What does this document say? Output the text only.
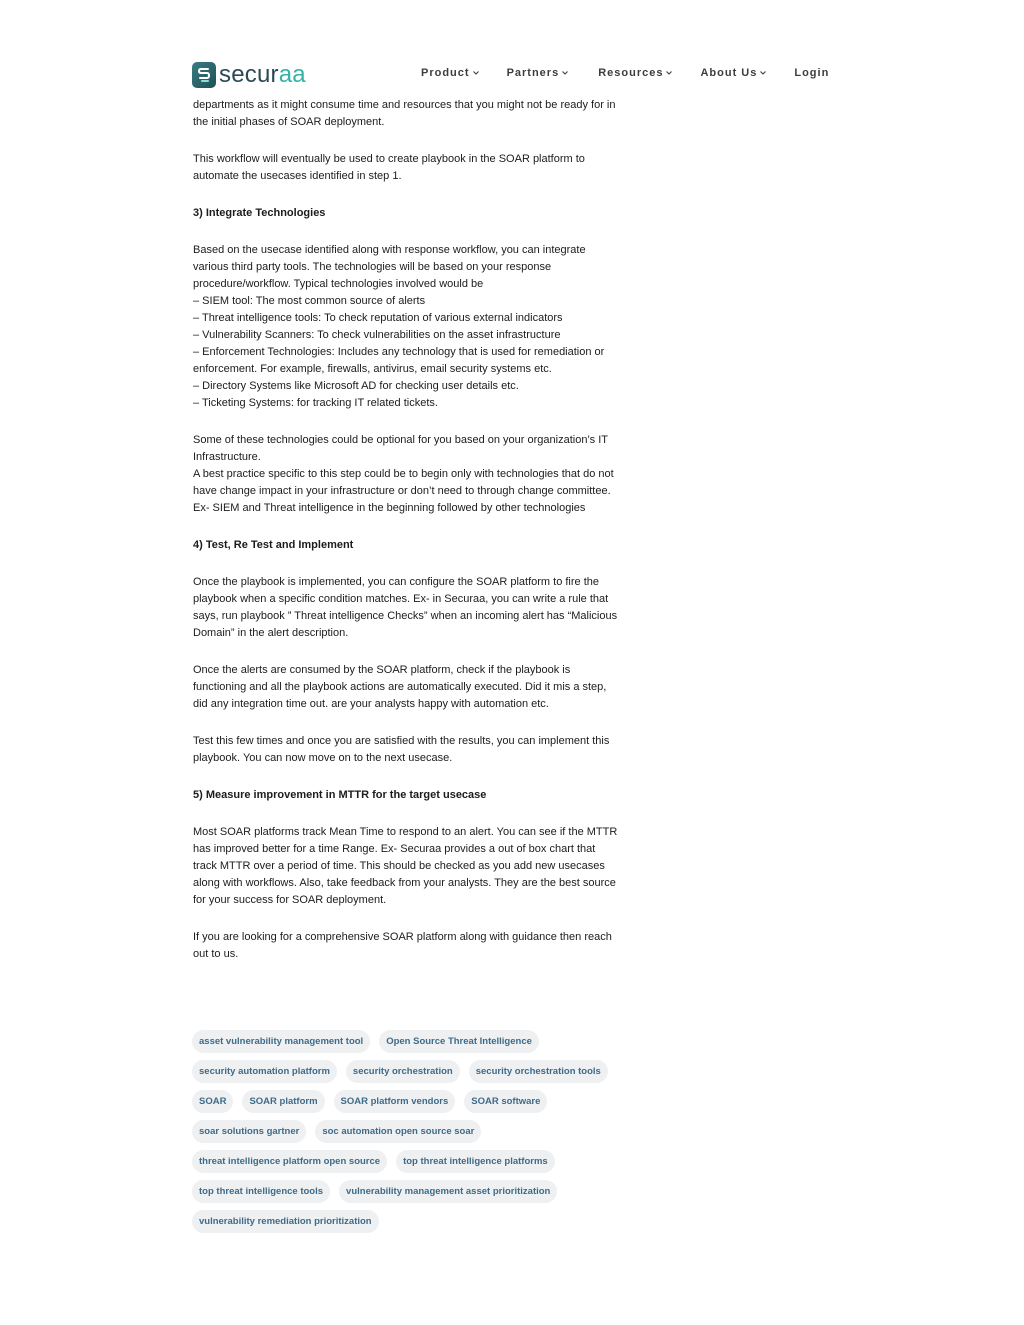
securaa	Product	Partners	Resources	About Us	Login

departments as it might consume time and resources that you might not be ready for in the initial phases of SOAR deployment.

This workflow will eventually be used to create playbook in the SOAR platform to automate the usecases identified in step 1.

3) Integrate Technologies

Based on the usecase identified along with response workflow, you can integrate various third party tools. The technologies will be based on your response procedure/workflow. Typical technologies involved would be
– SIEM tool: The most common source of alerts
– Threat intelligence tools: To check reputation of various external indicators
– Vulnerability Scanners: To check vulnerabilities on the asset infrastructure
– Enforcement Technologies: Includes any technology that is used for remediation or enforcement. For example, firewalls, antivirus, email security systems etc.
– Directory Systems like Microsoft AD for checking user details etc.
– Ticketing Systems: for tracking IT related tickets.

Some of these technologies could be optional for you based on your organization’s IT Infrastructure.
A best practice specific to this step could be to begin only with technologies that do not have change impact in your infrastructure or don’t need to through change committee. Ex- SIEM and Threat intelligence in the beginning followed by other technologies

4) Test, Re Test and Implement

Once the playbook is implemented, you can configure the SOAR platform to fire the playbook when a specific condition matches. Ex- in Securaa, you can write a rule that says, run playbook ” Threat intelligence Checks” when an incoming alert has “Malicious Domain” in the alert description.

Once the alerts are consumed by the SOAR platform, check if the playbook is functioning and all the playbook actions are automatically executed. Did it mis a step, did any integration time out. are your analysts happy with automation etc.

Test this few times and once you are satisfied with the results, you can implement this playbook. You can now move on to the next usecase.

5) Measure improvement in MTTR for the target usecase

Most SOAR platforms track Mean Time to respond to an alert. You can see if the MTTR has improved better for a time Range. Ex- Securaa provides a out of box chart that track MTTR over a period of time. This should be checked as you add new usecases along with workflows. Also, take feedback from your analysts. They are the best source for your success for SOAR deployment.

If you are looking for a comprehensive SOAR platform along with guidance then reach out to us.

asset vulnerability management tool	Open Source Threat Intelligence
security automation platform	security orchestration	security orchestration tools
SOAR	SOAR platform	SOAR platform vendors	SOAR software
soar solutions gartner	soc automation open source soar
threat intelligence platform open source	top threat intelligence platforms
top threat intelligence tools	vulnerability management asset prioritization
vulnerability remediation prioritization
